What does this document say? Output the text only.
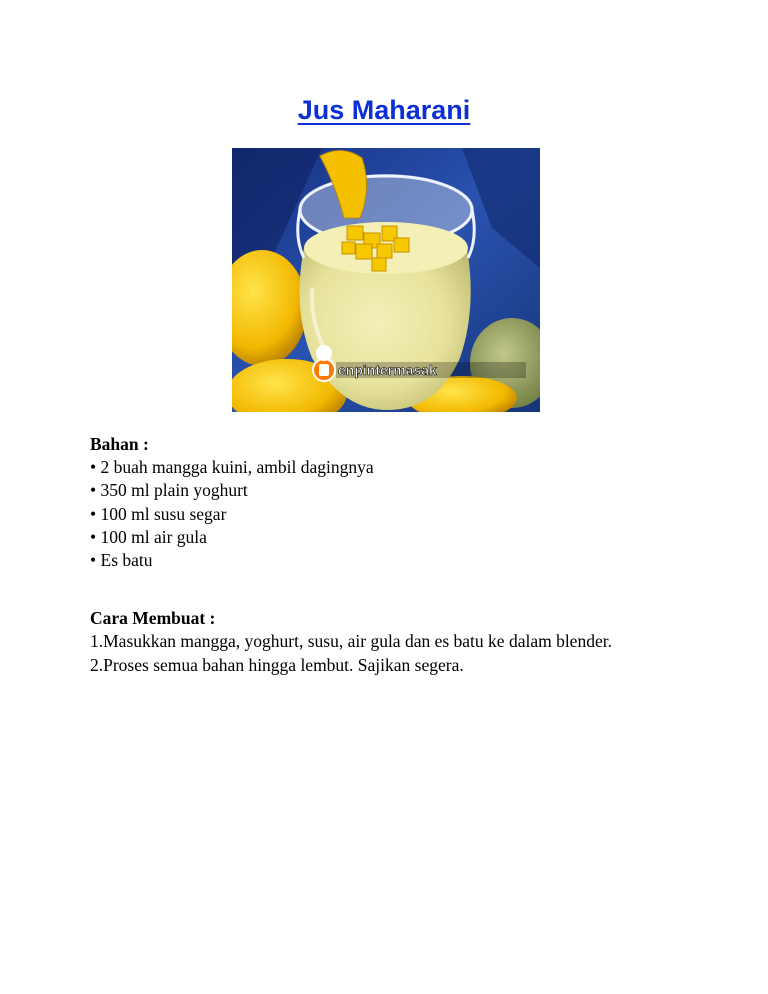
Jus Maharani
enpintermasak
Bahan :
• 2 buah mangga kuini, ambil dagingnya
• 350 ml plain yoghurt
• 100 ml susu segar
• 100 ml air gula
• Es batu
Cara Membuat :
1.Masukkan mangga, yoghurt, susu, air gula dan es batu ke dalam blender.
2.Proses semua bahan hingga lembut. Sajikan segera.
